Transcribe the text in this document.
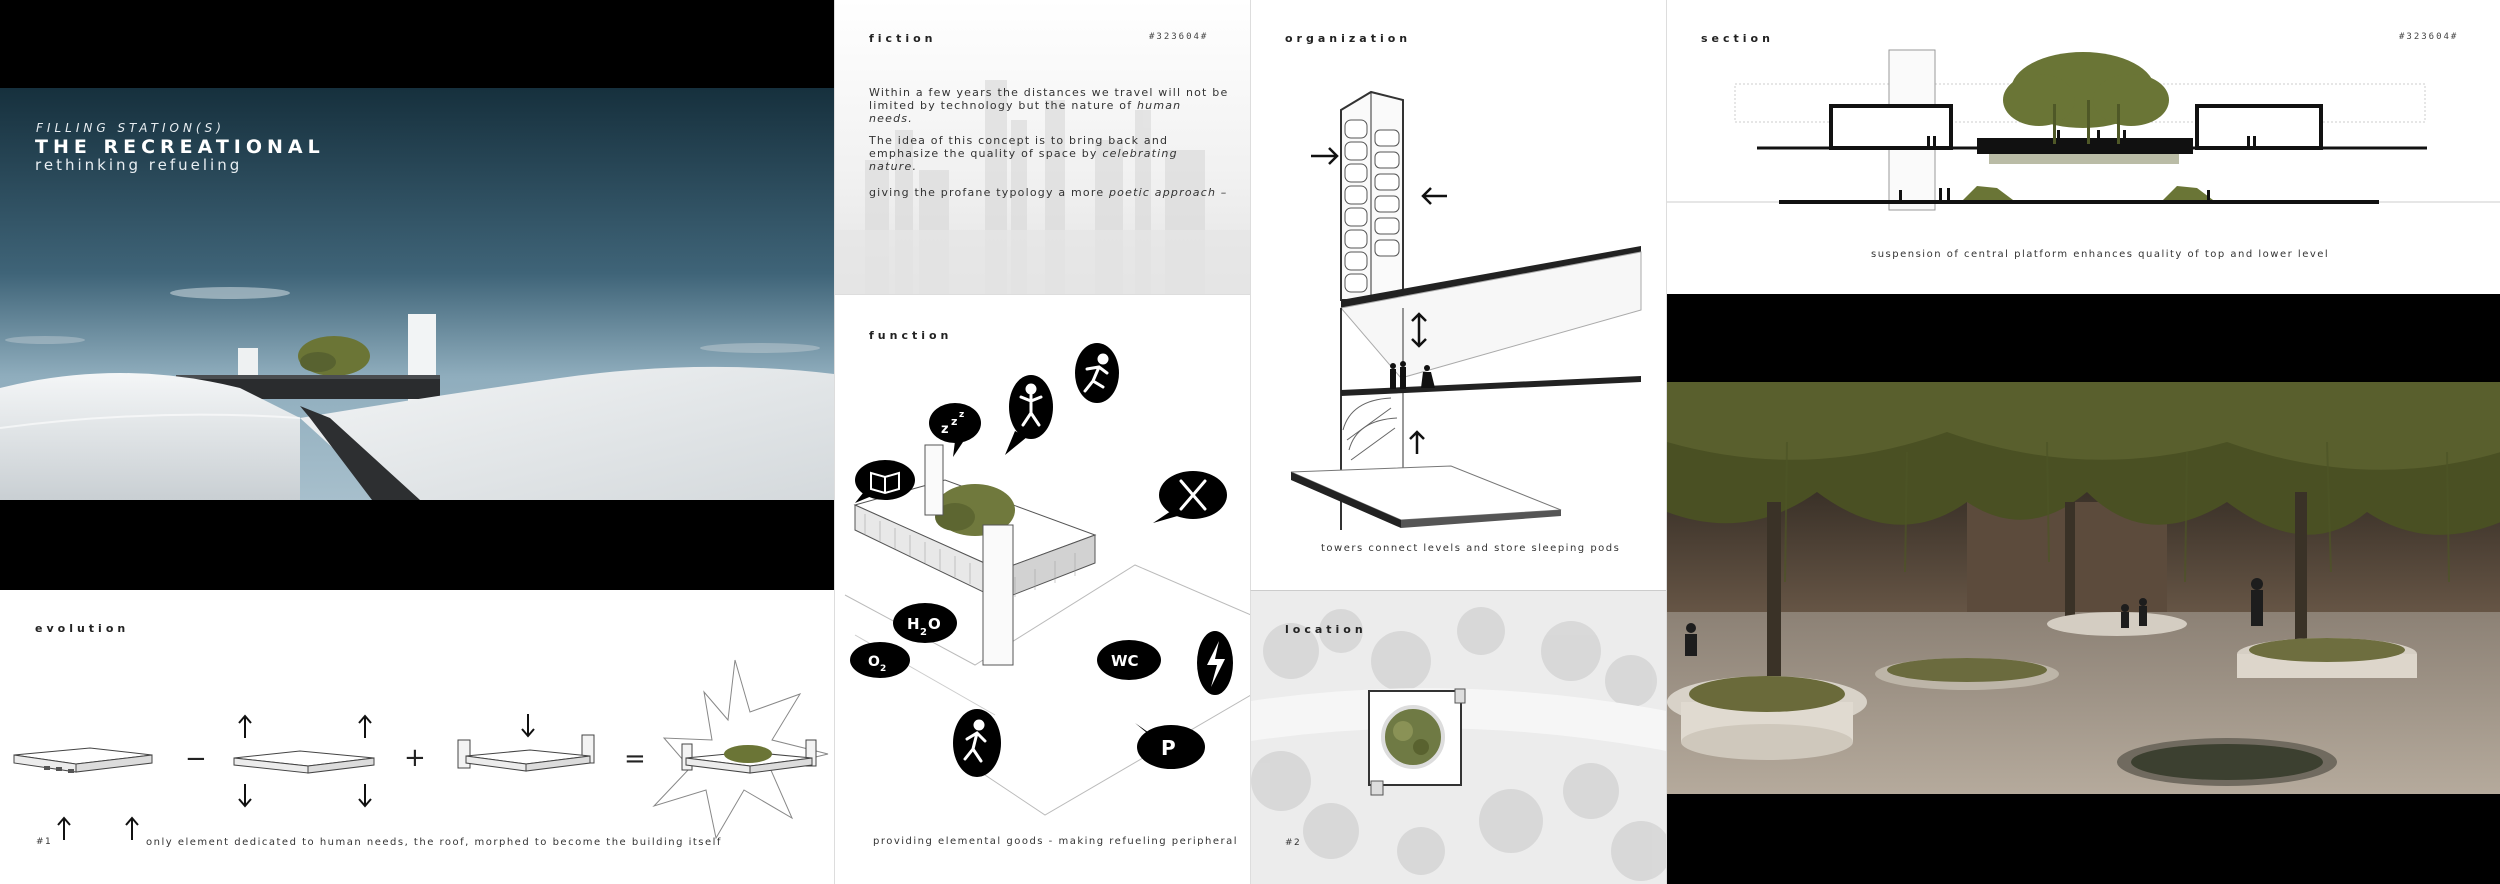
FILLING STATION(S)
THE RECREATIONAL
rethinking refueling
evolution
−	+	=
#1	only element dedicated to human needs, the roof, morphed to become the building itself
fiction	#323604#
Within a few years the distances we travel will not be limited by technology but the nature of human needs.
The idea of this concept is to bring back and emphasize the quality of space by celebrating nature.
giving the profane typology a more poetic approach –
function
z
z z
H 2 O
O 2	WC
P
providing elemental goods - making refueling peripheral
organization
towers connect levels and store sleeping pods
location
#2
section	#323604#
suspension of central platform enhances quality of top and lower level
